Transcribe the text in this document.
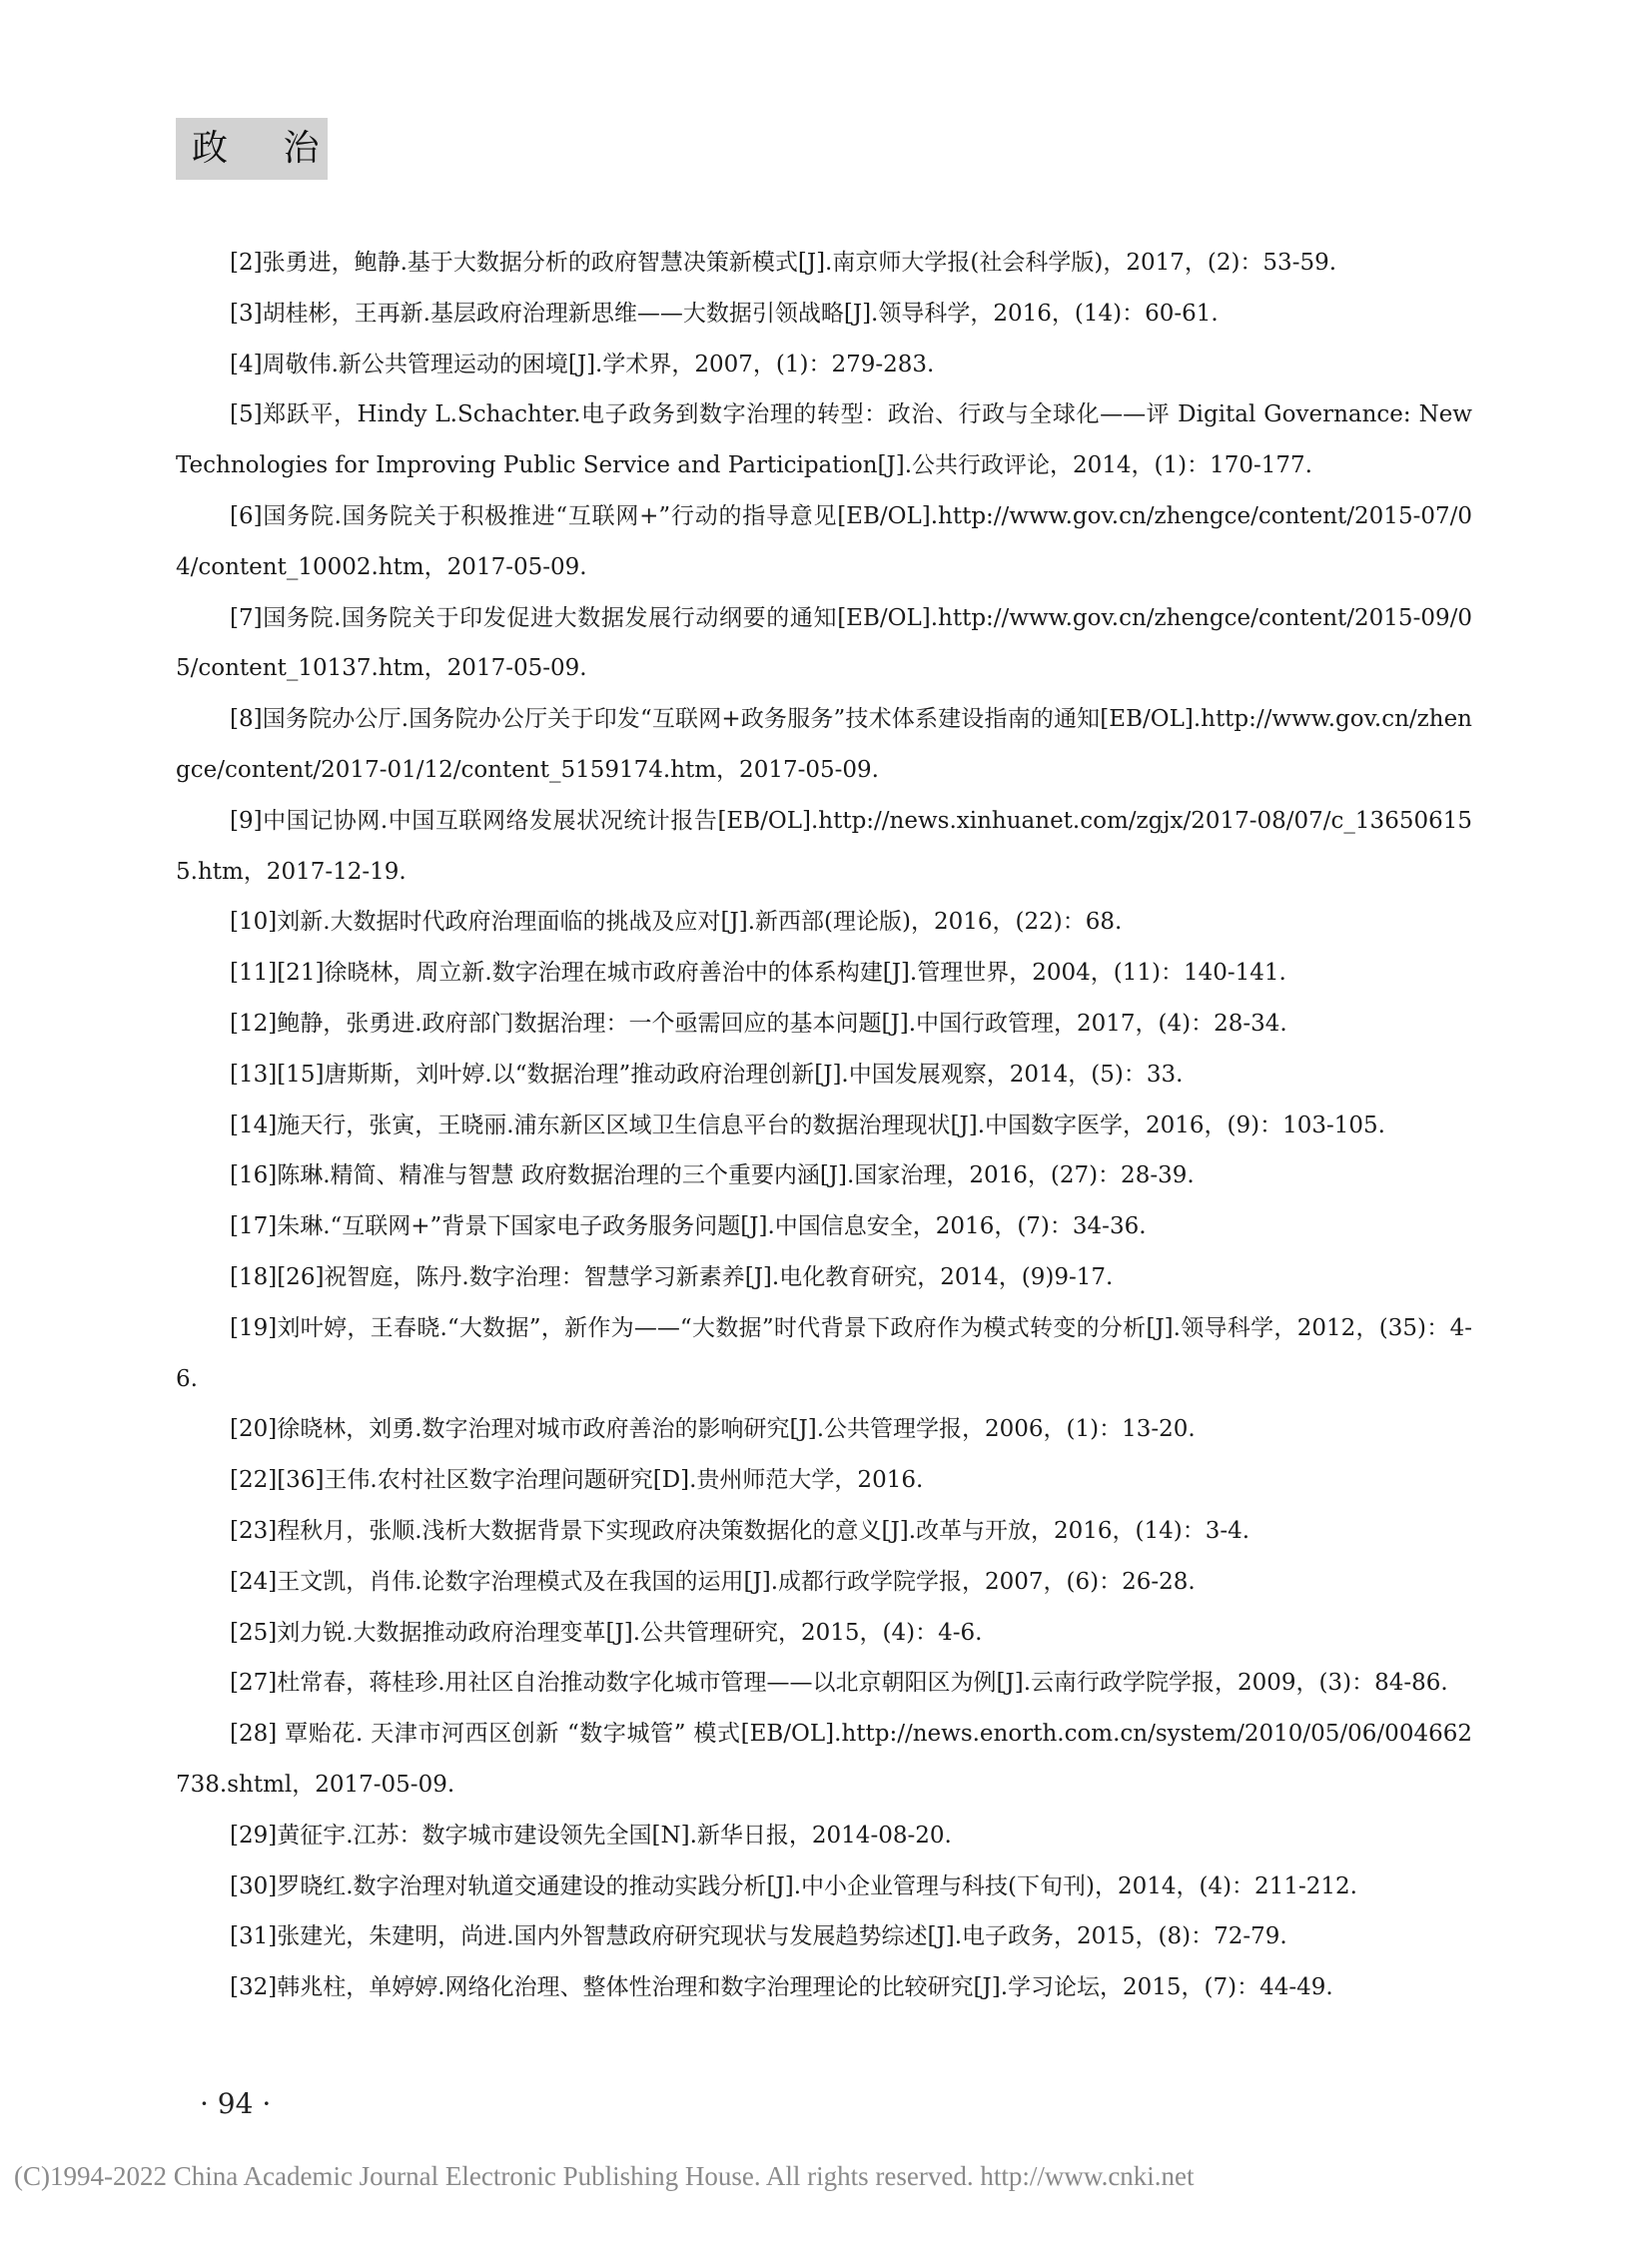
政 治

[2]张勇进，鲍静.基于大数据分析的政府智慧决策新模式[J].南京师大学报(社会科学版)，2017，(2)：53-59.

[3]胡桂彬，王再新.基层政府治理新思维——大数据引领战略[J].领导科学，2016，(14)：60-61.

[4]周敬伟.新公共管理运动的困境[J].学术界，2007，(1)：279-283.

[5]郑跃平，Hindy L.Schachter.电子政务到数字治理的转型：政治、行政与全球化——评 Digital Governance: New Technologies for Improving Public Service and Participation[J].公共行政评论，2014，(1)：170-177.

[6]国务院.国务院关于积极推进“互联网+”行动的指导意见[EB/OL].http://www.gov.cn/zhengce/content/2015-07/04/content_10002.htm，2017-05-09.

[7]国务院.国务院关于印发促进大数据发展行动纲要的通知[EB/OL].http://www.gov.cn/zhengce/content/2015-09/05/content_10137.htm，2017-05-09.

[8]国务院办公厅.国务院办公厅关于印发“互联网+政务服务”技术体系建设指南的通知[EB/OL].http://www.gov.cn/zhengce/content/2017-01/12/content_5159174.htm，2017-05-09.

[9]中国记协网.中国互联网络发展状况统计报告[EB/OL].http://news.xinhuanet.com/zgjx/2017-08/07/c_136506155.htm，2017-12-19.

[10]刘新.大数据时代政府治理面临的挑战及应对[J].新西部(理论版)，2016，(22)：68.

[11][21]徐晓林，周立新.数字治理在城市政府善治中的体系构建[J].管理世界，2004，(11)：140-141.

[12]鲍静，张勇进.政府部门数据治理：一个亟需回应的基本问题[J].中国行政管理，2017，(4)：28-34.

[13][15]唐斯斯，刘叶婷.以“数据治理”推动政府治理创新[J].中国发展观察，2014，(5)：33.

[14]施天行，张寅，王晓丽.浦东新区区域卫生信息平台的数据治理现状[J].中国数字医学，2016，(9)：103-105.

[16]陈琳.精简、精准与智慧 政府数据治理的三个重要内涵[J].国家治理，2016，(27)：28-39.

[17]朱琳.“互联网+”背景下国家电子政务服务问题[J].中国信息安全，2016，(7)：34-36.

[18][26]祝智庭，陈丹.数字治理：智慧学习新素养[J].电化教育研究，2014，(9)9-17.

[19]刘叶婷，王春晓.“大数据”，新作为——“大数据”时代背景下政府作为模式转变的分析[J].领导科学，2012，(35)：4-6.

[20]徐晓林，刘勇.数字治理对城市政府善治的影响研究[J].公共管理学报，2006，(1)：13-20.

[22][36]王伟.农村社区数字治理问题研究[D].贵州师范大学，2016.

[23]程秋月，张顺.浅析大数据背景下实现政府决策数据化的意义[J].改革与开放，2016，(14)：3-4.

[24]王文凯，肖伟.论数字治理模式及在我国的运用[J].成都行政学院学报，2007，(6)：26-28.

[25]刘力锐.大数据推动政府治理变革[J].公共管理研究，2015，(4)：4-6.

[27]杜常春，蒋桂珍.用社区自治推动数字化城市管理——以北京朝阳区为例[J].云南行政学院学报，2009，(3)：84-86.

[28] 覃贻花. 天津市河西区创新 “数字城管” 模式[EB/OL].http://news.enorth.com.cn/system/2010/05/06/004662738.shtml，2017-05-09.

[29]黄征宇.江苏：数字城市建设领先全国[N].新华日报，2014-08-20.

[30]罗晓红.数字治理对轨道交通建设的推动实践分析[J].中小企业管理与科技(下旬刊)，2014，(4)：211-212.

[31]张建光，朱建明，尚进.国内外智慧政府研究现状与发展趋势综述[J].电子政务，2015，(8)：72-79.

[32]韩兆柱，单婷婷.网络化治理、整体性治理和数字治理理论的比较研究[J].学习论坛，2015，(7)：44-49.

· 94 ·
(C)1994-2022 China Academic Journal Electronic Publishing House. All rights reserved. http://www.cnki.net
